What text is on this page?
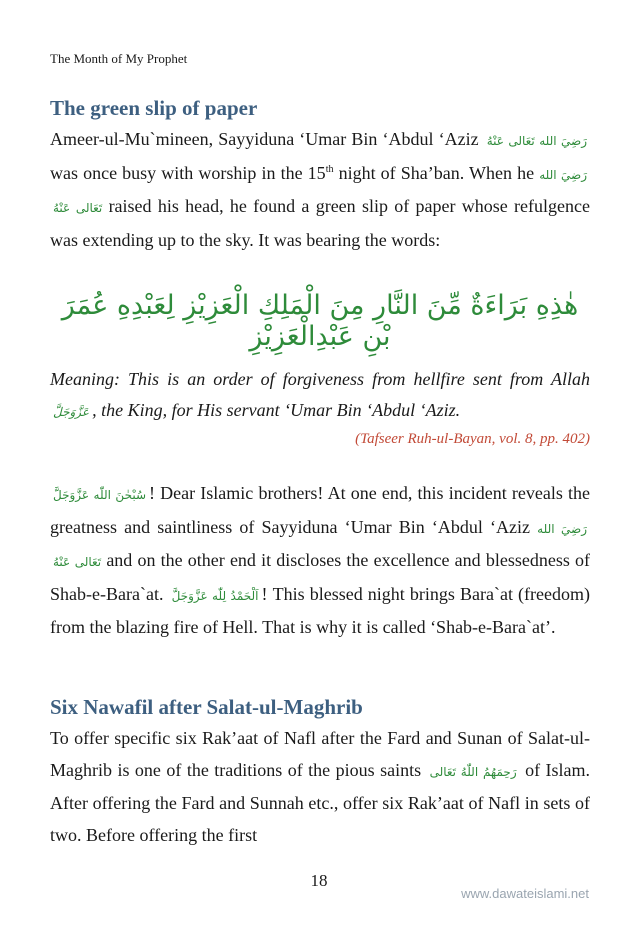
The Month of My Prophet
The green slip of paper

Ameer-ul-Mu`mineen, Sayyiduna ‘Umar Bin ‘Abdul ‘Aziz رَضِيَ الله تَعَالى عَنْهُ was once busy with worship in the 15th night of Sha’ban. When he رَضِيَ الله تَعَالى عَنْهُ raised his head, he found a green slip of paper whose refulgence was extending up to the sky. It was bearing the words:

هٰذِهِ بَرَاءَةٌ مِّنَ النَّارِ مِنَ الْمَلِكِ الْعَزِيْزِ لِعَبْدِهِ عُمَرَ بْنِ عَبْدِالْعَزِيْزِ

Meaning: This is an order of forgiveness from hellfire sent from Allah عَزَّوَجَلَّ , the King, for His servant ‘Umar Bin ‘Abdul ‘Aziz.

(Tafseer Ruh-ul-Bayan, vol. 8, pp. 402)

سُبْحٰنَ اللّٰه عَزَّوَجَلَّ ! Dear Islamic brothers! At one end, this incident reveals the greatness and saintliness of Sayyiduna ‘Umar Bin ‘Abdul ‘Aziz رَضِيَ الله تَعَالى عَنْهُ and on the other end it discloses the excellence and blessedness of Shab-e-Bara`at. اَلْحَمْدُ لِلّٰه عَزَّوَجَلَّ ! This blessed night brings Bara`at (freedom) from the blazing fire of Hell. That is why it is called ‘Shab-e-Bara`at’.

Six Nawafil after Salat-ul-Maghrib

To offer specific six Rak’aat of Nafl after the Fard and Sunan of Salat-ul-Maghrib is one of the traditions of the pious saints رَحِمَهُمُ اللّٰهُ تَعَالى of Islam. After offering the Fard and Sunnah etc., offer six Rak’aat of Nafl in sets of two. Before offering the first

18
www.dawateislami.net
